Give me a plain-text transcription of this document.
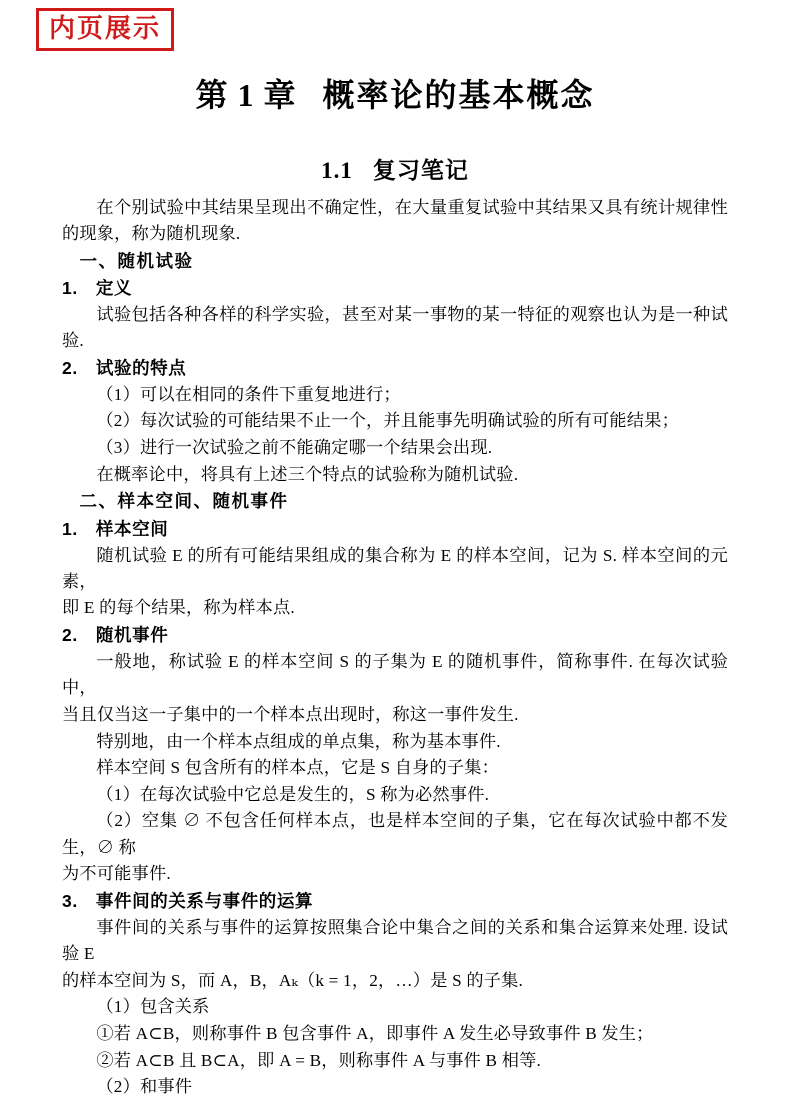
内页展示
第 1 章 概率论的基本概念
1.1 复习笔记

在个别试验中其结果呈现出不确定性，在大量重复试验中其结果又具有统计规律性的现象，称为随机现象.

一、随机试验

1.　定义

试验包括各种各样的科学实验，甚至对某一事物的某一特征的观察也认为是一种试验.

2.　试验的特点

（1）可以在相同的条件下重复地进行；

（2）每次试验的可能结果不止一个，并且能事先明确试验的所有可能结果；

（3）进行一次试验之前不能确定哪一个结果会出现.

在概率论中，将具有上述三个特点的试验称为随机试验.

二、样本空间、随机事件

1.　样本空间

随机试验 E 的所有可能结果组成的集合称为 E 的样本空间，记为 S. 样本空间的元素，

即 E 的每个结果，称为样本点.

2.　随机事件

一般地，称试验 E 的样本空间 S 的子集为 E 的随机事件，简称事件. 在每次试验中，

当且仅当这一子集中的一个样本点出现时，称这一事件发生.

特别地，由一个样本点组成的单点集，称为基本事件.

样本空间 S 包含所有的样本点，它是 S 自身的子集：

（1）在每次试验中它总是发生的，S 称为必然事件.

（2）空集 ∅ 不包含任何样本点，也是样本空间的子集，它在每次试验中都不发生，∅ 称

为不可能事件.

3.　事件间的关系与事件的运算

事件间的关系与事件的运算按照集合论中集合之间的关系和集合运算来处理. 设试验 E

的样本空间为 S，而 A，B，Aₖ（k = 1，2，…）是 S 的子集.

（1）包含关系

①若 A⊂B，则称事件 B 包含事件 A，即事件 A 发生必导致事件 B 发生；

②若 A⊂B 且 B⊂A，即 A = B，则称事件 A 与事件 B 相等.

（2）和事件
